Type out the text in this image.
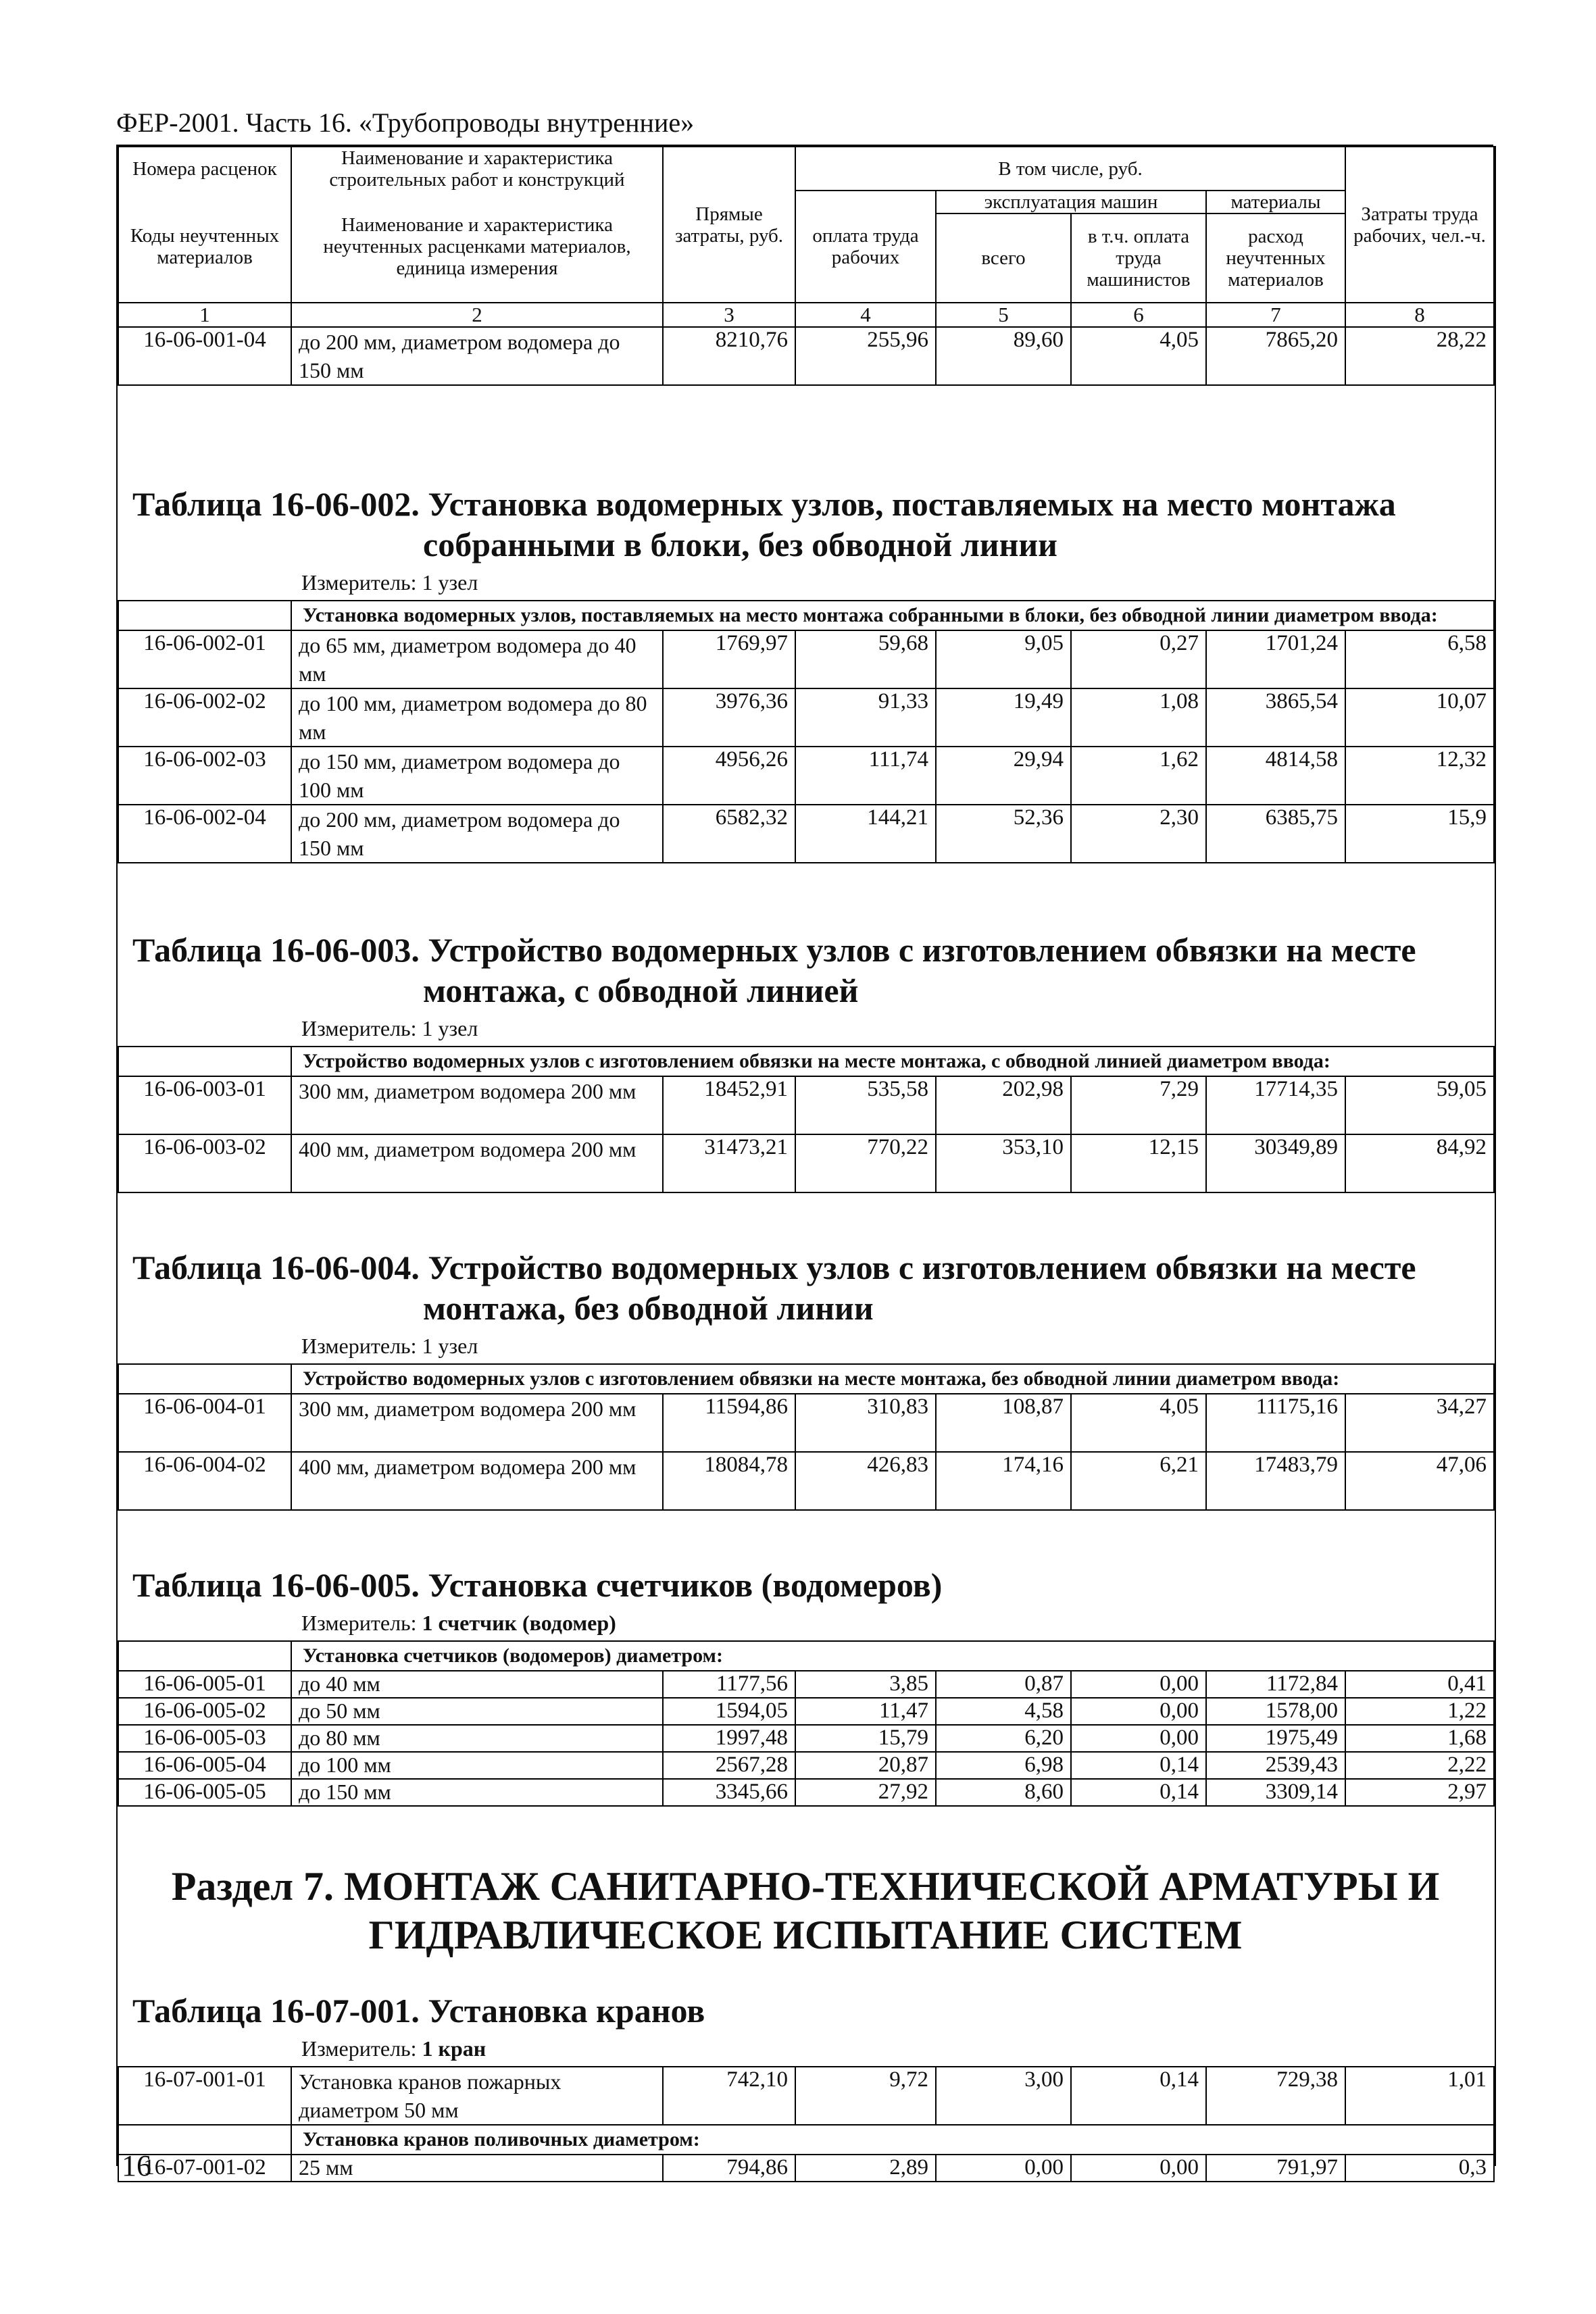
ФЕР-2001. Часть 16. «Трубопроводы внутренние»
Номера расценок	Наименование и характеристика строительных работ и конструкций	Прямые затраты, руб.	В том числе, руб.				Затраты труда рабочих, чел.-ч.
Коды неучтенных материалов	Наименование и характеристика неучтенных расценками материалов, единица измерения		оплата труда рабочих	эксплуатация машин		материалы	
				всего	в т.ч. оплата труда машинистов	расход неучтенных материалов	
1	2	3	4	5	6	7	8
16-06-001-04	до 200 мм, диаметром водомера до 150 мм	8210,76	255,96	89,60	4,05	7865,20	28,22
Таблица 16-06-002. Установка водомерных узлов, поставляемых на место монтажа
собранными в блоки, без обводной линии
Измеритель: 1 узел
	Установка водомерных узлов, поставляемых на место монтажа собранными в блоки, без обводной линии диаметром ввода:						
16-06-002-01	до 65 мм, диаметром водомера до 40 мм	1769,97	59,68	9,05	0,27	1701,24	6,58
16-06-002-02	до 100 мм, диаметром водомера до 80 мм	3976,36	91,33	19,49	1,08	3865,54	10,07
16-06-002-03	до 150 мм, диаметром водомера до 100 мм	4956,26	111,74	29,94	1,62	4814,58	12,32
16-06-002-04	до 200 мм, диаметром водомера до 150 мм	6582,32	144,21	52,36	2,30	6385,75	15,9
Таблица 16-06-003. Устройство водомерных узлов с изготовлением обвязки на месте
монтажа, с обводной линией
Измеритель: 1 узел
	Устройство водомерных узлов с изготовлением обвязки на месте монтажа, с обводной линией диаметром ввода:						
16-06-003-01	300 мм, диаметром водомера 200 мм	18452,91	535,58	202,98	7,29	17714,35	59,05
16-06-003-02	400 мм, диаметром водомера 200 мм	31473,21	770,22	353,10	12,15	30349,89	84,92
Таблица 16-06-004. Устройство водомерных узлов с изготовлением обвязки на месте
монтажа, без обводной линии
Измеритель: 1 узел
	Устройство водомерных узлов с изготовлением обвязки на месте монтажа, без обводной линии диаметром ввода:						
16-06-004-01	300 мм, диаметром водомера 200 мм	11594,86	310,83	108,87	4,05	11175,16	34,27
16-06-004-02	400 мм, диаметром водомера 200 мм	18084,78	426,83	174,16	6,21	17483,79	47,06
Таблица 16-06-005. Установка счетчиков (водомеров)
Измеритель: 1 счетчик (водомер)
	Установка счетчиков (водомеров) диаметром:						
16-06-005-01	до 40 мм	1177,56	3,85	0,87	0,00	1172,84	0,41
16-06-005-02	до 50 мм	1594,05	11,47	4,58	0,00	1578,00	1,22
16-06-005-03	до 80 мм	1997,48	15,79	6,20	0,00	1975,49	1,68
16-06-005-04	до 100 мм	2567,28	20,87	6,98	0,14	2539,43	2,22
16-06-005-05	до 150 мм	3345,66	27,92	8,60	0,14	3309,14	2,97
Раздел 7. МОНТАЖ САНИТАРНО-ТЕХНИЧЕСКОЙ АРМАТУРЫ И
ГИДРАВЛИЧЕСКОЕ ИСПЫТАНИЕ СИСТЕМ
Таблица 16-07-001. Установка кранов
Измеритель: 1 кран
16-07-001-01	Установка кранов пожарных диаметром 50 мм	742,10	9,72	3,00	0,14	729,38	1,01
	Установка кранов поливочных диаметром:						
16-07-001-02	25 мм	794,86	2,89	0,00	0,00	791,97	0,3
16
